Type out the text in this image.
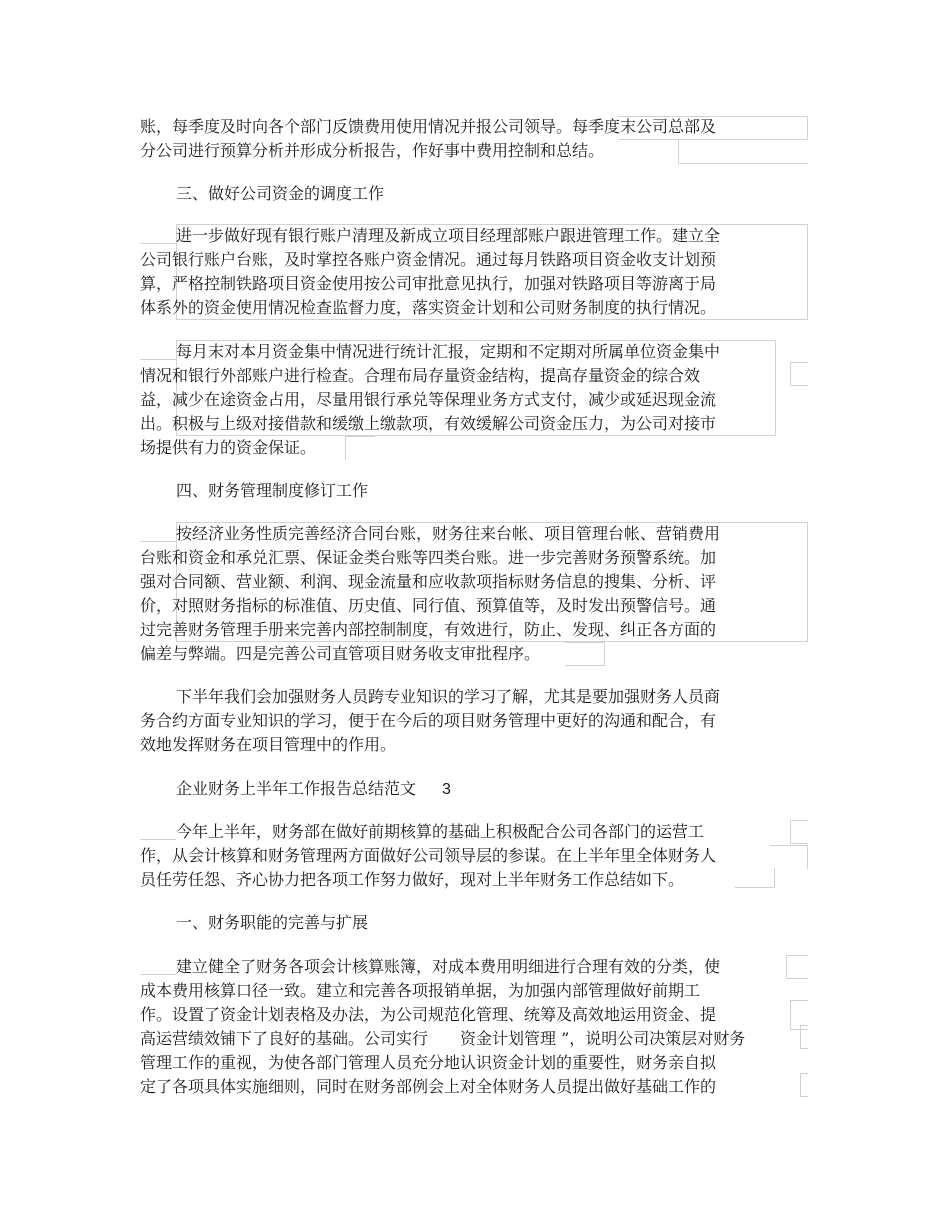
账，每季度及时向各个部门反馈费用使用情况并报公司领导。每季度末公司总部及
分公司进行预算分析并形成分析报告，作好事中费用控制和总结。
三、做好公司资金的调度工作
进一步做好现有银行账户清理及新成立项目经理部账户跟进管理工作。建立全
公司银行账户台账，及时掌控各账户资金情况。通过每月铁路项目资金收支计划预
算，严格控制铁路项目资金使用按公司审批意见执行，加强对铁路项目等游离于局
体系外的资金使用情况检查监督力度，落实资金计划和公司财务制度的执行情况。
每月末对本月资金集中情况进行统计汇报，定期和不定期对所属单位资金集中
情况和银行外部账户进行检查。合理布局存量资金结构，提高存量资金的综合效
益，减少在途资金占用，尽量用银行承兑等保理业务方式支付，减少或延迟现金流
出。积极与上级对接借款和缓缴上缴款项，有效缓解公司资金压力，为公司对接市
场提供有力的资金保证。
四、财务管理制度修订工作
按经济业务性质完善经济合同台账，财务往来台帐、项目管理台帐、营销费用
台账和资金和承兑汇票、保证金类台账等四类台账。进一步完善财务预警系统。加
强对合同额、营业额、利润、现金流量和应收款项指标财务信息的搜集、分析、评
价，对照财务指标的标准值、历史值、同行值、预算值等，及时发出预警信号。通
过完善财务管理手册来完善内部控制制度，有效进行，防止、发现、纠正各方面的
偏差与弊端。四是完善公司直管项目财务收支审批程序。
下半年我们会加强财务人员跨专业知识的学习了解，尤其是要加强财务人员商
务合约方面专业知识的学习，便于在今后的项目财务管理中更好的沟通和配合，有
效地发挥财务在项目管理中的作用。
企业财务上半年工作报告总结范文 3
今年上半年，财务部在做好前期核算的基础上积极配合公司各部门的运营工
作，从会计核算和财务管理两方面做好公司领导层的参谋。在上半年里全体财务人
员任劳任怨、齐心协力把各项工作努力做好，现对上半年财务工作总结如下。
一、财务职能的完善与扩展
建立健全了财务各项会计核算账簿，对成本费用明细进行合理有效的分类，使
成本费用核算口径一致。建立和完善各项报销单据，为加强内部管理做好前期工
作。设置了资金计划表格及办法，为公司规范化管理、统筹及高效地运用资金、提
高运营绩效铺下了良好的基础。公司实行　　资金计划管理 ”，说明公司决策层对财务
管理工作的重视，为使各部门管理人员充分地认识资金计划的重要性，财务亲自拟
定了各项具体实施细则，同时在财务部例会上对全体财务人员提出做好基础工作的
